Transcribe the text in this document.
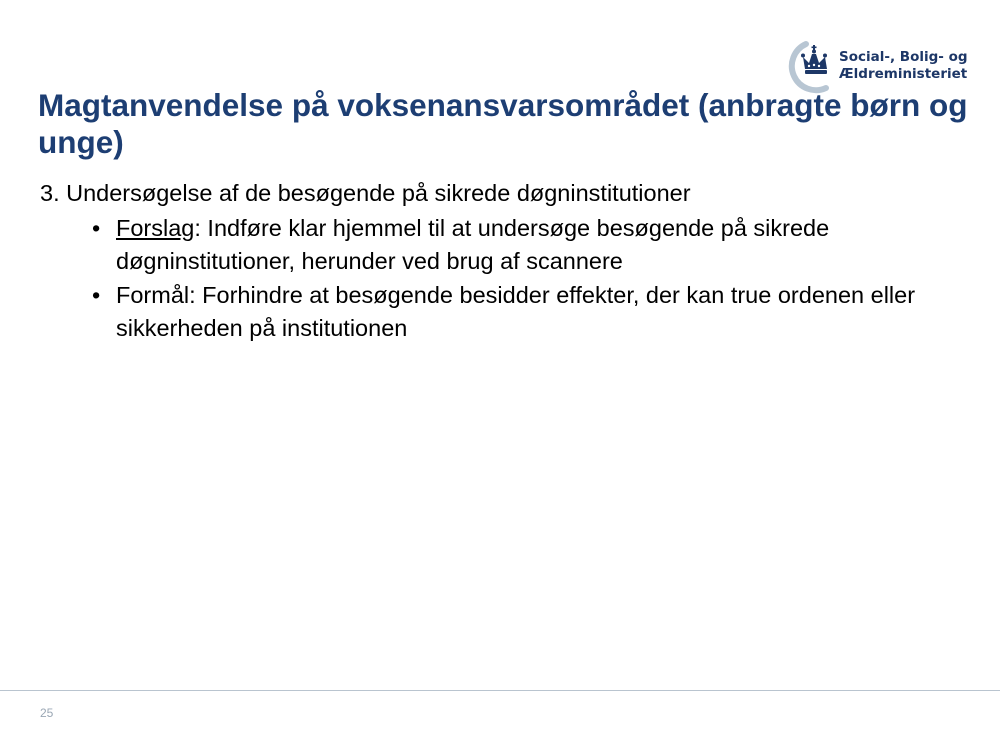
Social-, Bolig- og
Ældreministeriet
Magtanvendelse på voksenansvarsområdet (anbragte børn og unge)

3. Undersøgelse af de besøgende på sikrede døgninstitutioner

• Forslag: Indføre klar hjemmel til at undersøge besøgende på sikrede døgninstitutioner, herunder ved brug af scannere
• Formål: Forhindre at besøgende besidder effekter, der kan true ordenen eller sikkerheden på institutionen
25
